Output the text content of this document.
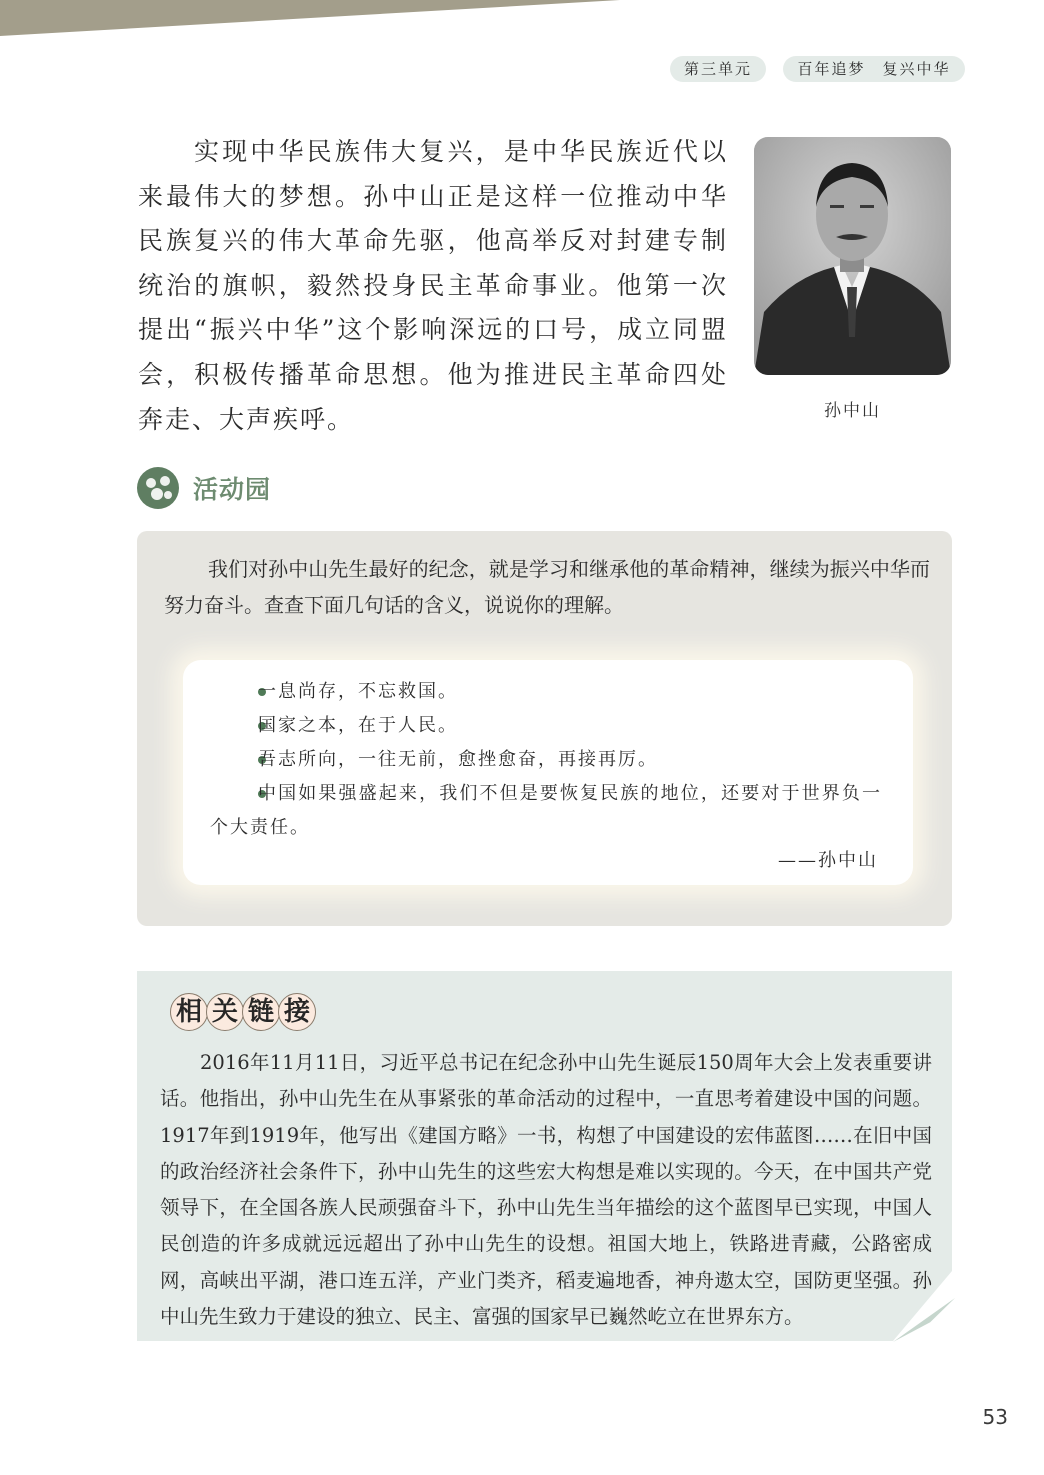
第三单元	百年追梦　复兴中华

实现中华民族伟大复兴，是中华民族近代以来最伟大的梦想。孙中山正是这样一位推动中华民族复兴的伟大革命先驱，他高举反对封建专制统治的旗帜，毅然投身民主革命事业。他第一次提出“振兴中华”这个影响深远的口号，成立同盟会，积极传播革命思想。他为推进民主革命四处奔走、大声疾呼。	孙中山
活动园

我们对孙中山先生最好的纪念，就是学习和继承他的革命精神，继续为振兴中华而努力奋斗。查查下面几句话的含义，说说你的理解。

一息尚存，不忘救国。

国家之本，在于人民。

吾志所向，一往无前，愈挫愈奋，再接再厉。

中国如果强盛起来，我们不但是要恢复民族的地位，还要对于世界负一个大责任。

——孙中山
相 关 链 接

2016年11月11日，习近平总书记在纪念孙中山先生诞辰150周年大会上发表重要讲话。他指出，孙中山先生在从事紧张的革命活动的过程中，一直思考着建设中国的问题。1917年到1919年，他写出《建国方略》一书，构想了中国建设的宏伟蓝图……在旧中国的政治经济社会条件下，孙中山先生的这些宏大构想是难以实现的。今天，在中国共产党领导下，在全国各族人民顽强奋斗下，孙中山先生当年描绘的这个蓝图早已实现，中国人民创造的许多成就远远超出了孙中山先生的设想。祖国大地上，铁路进青藏，公路密成网，高峡出平湖，港口连五洋，产业门类齐，稻麦遍地香，神舟遨太空，国防更坚强。孙中山先生致力于建设的独立、民主、富强的国家早已巍然屹立在世界东方。

53
